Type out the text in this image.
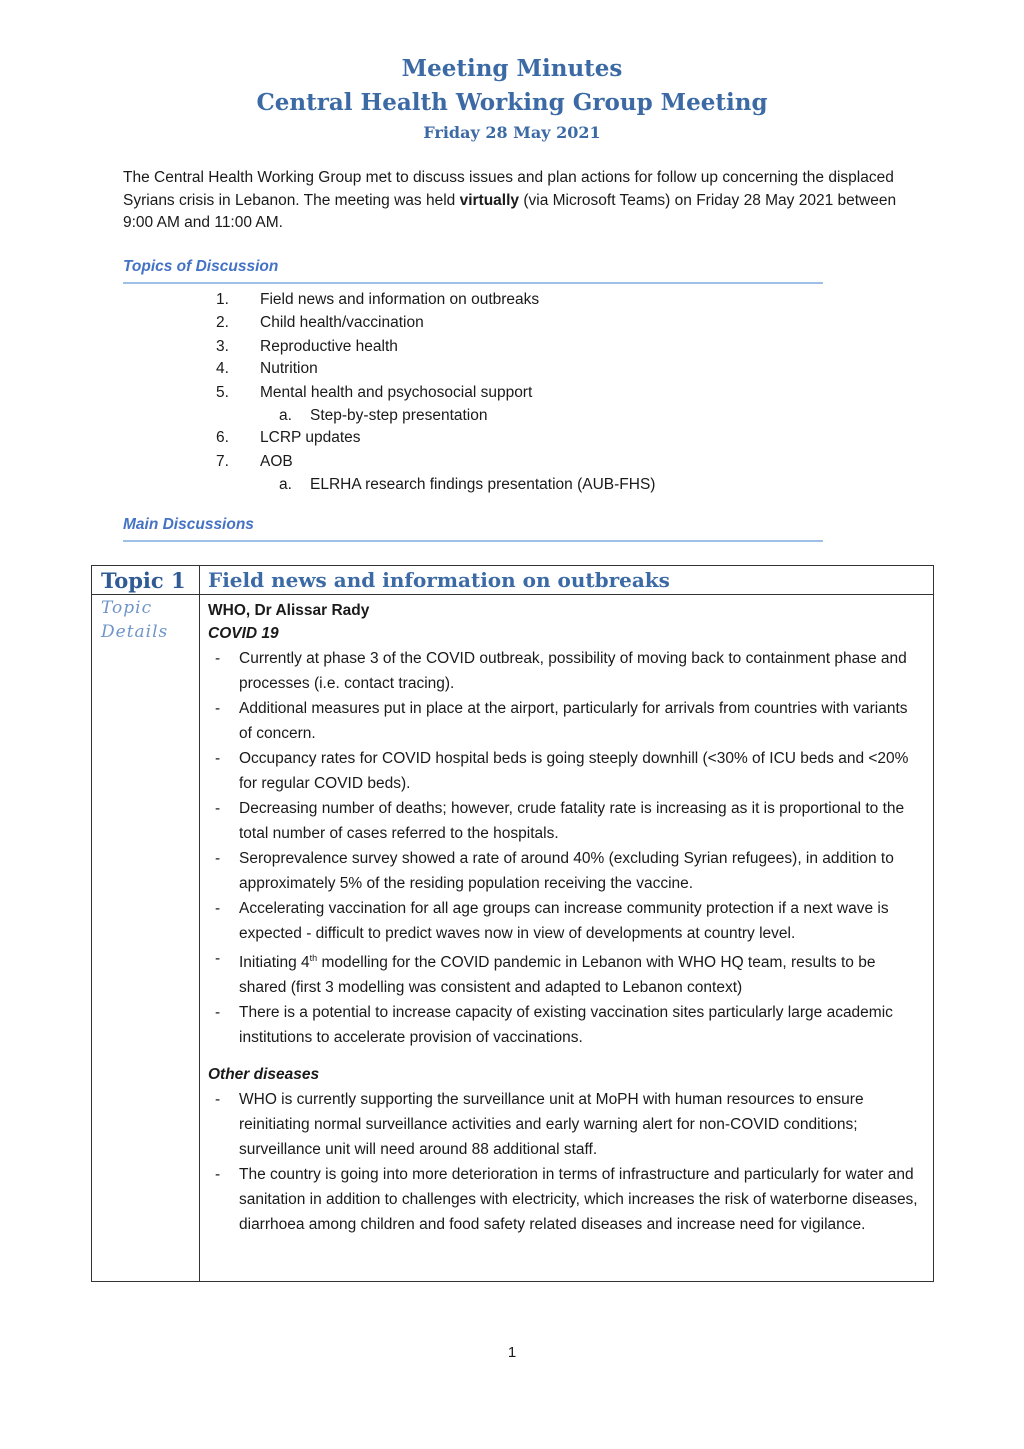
Meeting Minutes
Central Health Working Group Meeting
Friday 28 May 2021
The Central Health Working Group met to discuss issues and plan actions for follow up concerning the displaced Syrians crisis in Lebanon. The meeting was held virtually (via Microsoft Teams) on Friday 28 May 2021 between 9:00 AM and 11:00 AM.
Topics of Discussion
1. Field news and information on outbreaks
2. Child health/vaccination
3. Reproductive health
4. Nutrition
5. Mental health and psychosocial support
a. Step-by-step presentation
6. LCRP updates
7. AOB
a. ELRHA research findings presentation (AUB-FHS)
Main Discussions
Topic 1 Field news and information on outbreaks
Topic Details
WHO, Dr Alissar Rady
COVID 19
- Currently at phase 3 of the COVID outbreak, possibility of moving back to containment phase and processes (i.e. contact tracing).
- Additional measures put in place at the airport, particularly for arrivals from countries with variants of concern.
- Occupancy rates for COVID hospital beds is going steeply downhill (<30% of ICU beds and <20% for regular COVID beds).
- Decreasing number of deaths; however, crude fatality rate is increasing as it is proportional to the total number of cases referred to the hospitals.
- Seroprevalence survey showed a rate of around 40% (excluding Syrian refugees), in addition to approximately 5% of the residing population receiving the vaccine.
- Accelerating vaccination for all age groups can increase community protection if a next wave is expected - difficult to predict waves now in view of developments at country level.
- Initiating 4th modelling for the COVID pandemic in Lebanon with WHO HQ team, results to be shared (first 3 modelling was consistent and adapted to Lebanon context)
- There is a potential to increase capacity of existing vaccination sites particularly large academic institutions to accelerate provision of vaccinations.
Other diseases
- WHO is currently supporting the surveillance unit at MoPH with human resources to ensure reinitiating normal surveillance activities and early warning alert for non-COVID conditions; surveillance unit will need around 88 additional staff.
- The country is going into more deterioration in terms of infrastructure and particularly for water and sanitation in addition to challenges with electricity, which increases the risk of waterborne diseases, diarrhoea among children and food safety related diseases and increase need for vigilance.
1
